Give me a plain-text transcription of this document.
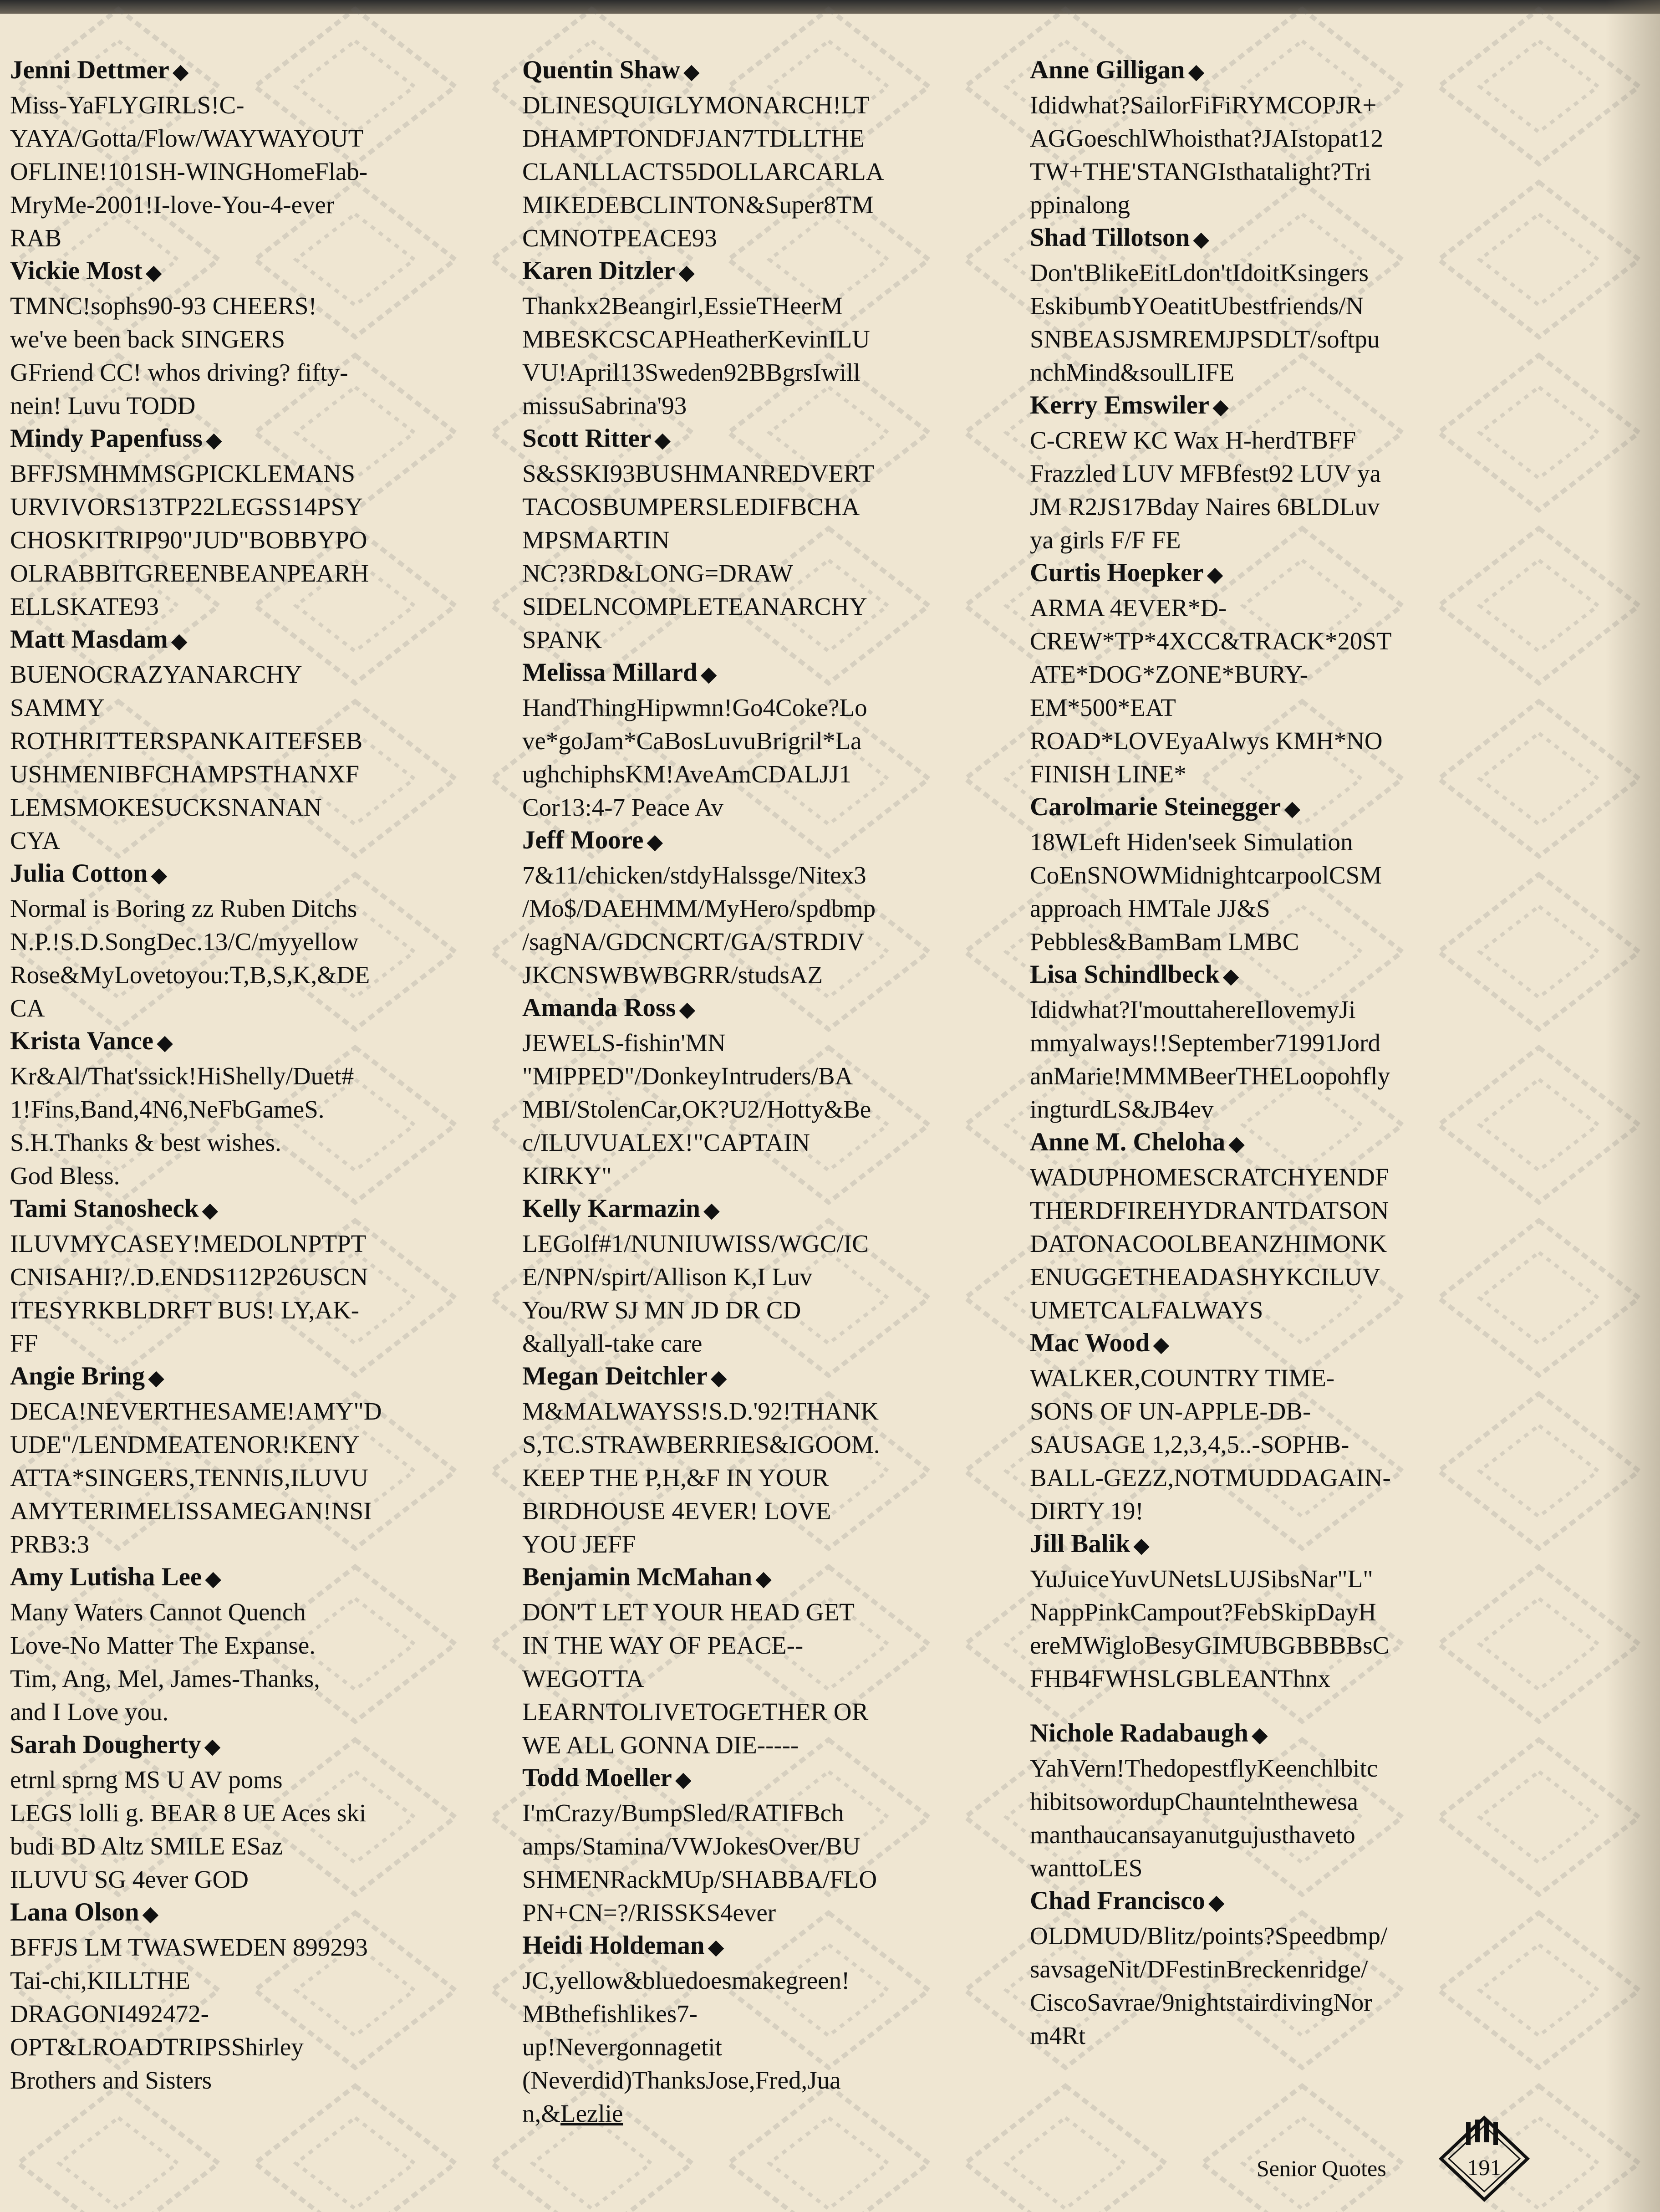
Jenni Dettmer ◆
Miss-YaFLYGIRLS!C-
YAYA/Gotta/Flow/WAYWAYOUT
OFLINE!101SH-WINGHomeFlab-
MryMe-2001!I-love-You-4-ever
RAB
Vickie Most ◆
TMNC!sophs90-93 CHEERS!
we've been back SINGERS
GFriend CC! whos driving? fifty-
nein! Luvu TODD
Mindy Papenfuss ◆
BFFJSMHMMSGPICKLEMANS
URVIVORS13TP22LEGSS14PSY
CHOSKITRIP90"JUD"BOBBYPO
OLRABBITGREENBEANPEARH
ELLSKATE93
Matt Masdam ◆
BUENOCRAZYANARCHY
SAMMY
ROTHRITTERSPANKAITEFSEB
USHMENIBFCHAMPSTHANXF
LEMSMOKESUCKSNANAN
CYA
Julia Cotton ◆
Normal is Boring zz Ruben Ditchs
N.P.!S.D.SongDec.13/C/myyellow
Rose&MyLovetoyou:T,B,S,K,&DE
CA
Krista Vance ◆
Kr&Al/That'ssick!HiShelly/Duet#
1!Fins,Band,4N6,NeFbGameS.
S.H.Thanks & best wishes.
God Bless.
Tami Stanosheck ◆
ILUVMYCASEY!MEDOLNPTPT
CNISAHI?/.D.ENDS112P26USCN
ITESYRKBLDRFT BUS! LY,AK-
FF
Angie Bring ◆
DECA!NEVERTHESAME!AMY"D
UDE"/LENDMEATENOR!KENY
ATTA*SINGERS,TENNIS,ILUVU
AMYTERIMELISSAMEGAN!NSI
PRB3:3
Amy Lutisha Lee ◆
Many Waters Cannot Quench
Love-No Matter The Expanse.
Tim, Ang, Mel, James-Thanks,
and I Love you.
Sarah Dougherty ◆
etrnl sprng MS U AV poms
LEGS lolli g. BEAR 8 UE Aces ski
budi BD Altz SMILE ESaz
ILUVU SG 4ever GOD
Lana Olson ◆
BFFJS LM TWASWEDEN 899293
Tai-chi,KILLTHE
DRAGONI492472-
OPT&LROADTRIPSShirley
Brothers and Sisters
Quentin Shaw ◆
DLINESQUIGLYMONARCH!LT
DHAMPTONDFJAN7TDLLTHE
CLANLLACTS5DOLLARCARLA
MIKEDEBCLINTON&Super8TM
CMNOTPEACE93
Karen Ditzler ◆
Thankx2Beangirl,EssieTHeerM
MBESKCSCAPHeatherKevinILU
VU!April13Sweden92BBgrsIwill
missuSabrina'93
Scott Ritter ◆
S&SSKI93BUSHMANREDVERT
TACOSBUMPERSLEDIFBCHA
MPSMARTIN
NC?3RD&LONG=DRAW
SIDELNCOMPLETEANARCHY
SPANK
Melissa Millard ◆
HandThingHipwmn!Go4Coke?Lo
ve*goJam*CaBosLuvuBrigril*La
ughchiphsKM!AveAmCDALJJ1
Cor13:4-7 Peace Av
Jeff Moore ◆
7&11/chicken/stdyHalssge/Nitex3
/Mo$/DAEHMM/MyHero/spdbmp
/sagNA/GDCNCRT/GA/STRDIV
JKCNSWBWBGRR/studsAZ
Amanda Ross ◆
JEWELS-fishin'MN
"MIPPED"/DonkeyIntruders/BA
MBI/StolenCar,OK?U2/Hotty&Be
c/ILUVUALEX!"CAPTAIN
KIRKY"
Kelly Karmazin ◆
LEGolf#1/NUNIUWISS/WGC/IC
E/NPN/spirt/Allison K,I Luv
You/RW SJ MN JD DR CD
&allyall-take care
Megan Deitchler ◆
M&MALWAYSS!S.D.'92!THANK
S,TC.STRAWBERRIES&IGOOM.
KEEP THE P,H,&F IN YOUR
BIRDHOUSE 4EVER! LOVE
YOU JEFF
Benjamin McMahan ◆
DON'T LET YOUR HEAD GET
IN THE WAY OF PEACE--
WEGOTTA
LEARNTOLIVETOGETHER OR
WE ALL GONNA DIE-----
Todd Moeller ◆
I'mCrazy/BumpSled/RATIFBch
amps/Stamina/VWJokesOver/BU
SHMENRackMUp/SHABBA/FLO
PN+CN=?/RISSKS4ever
Heidi Holdeman ◆
JC,yellow&bluedoesmakegreen!
MBthefishlikes7-
up!Nevergonnagetit
(Neverdid)ThanksJose,Fred,Jua
n,&Lezlie
Anne Gilligan ◆
Ididwhat?SailorFiFiRYMCOPJR+
AGGoeschlWhoisthat?JAIstopat12
TW+THE'STANGIsthatalight?Tri
ppinalong
Shad Tillotson ◆
Don'tBlikeEitLdon'tIdoitKsingers
EskibumbYOeatitUbestfriends/N
SNBEASJSMREMJPSDLT/softpu
nchMind&soulLIFE
Kerry Emswiler ◆
C-CREW KC Wax H-herdTBFF
Frazzled LUV MFBfest92 LUV ya
JM R2JS17Bday Naires 6BLDLuv
ya girls F/F FE
Curtis Hoepker ◆
ARMA 4EVER*D-
CREW*TP*4XCC&TRACK*20ST
ATE*DOG*ZONE*BURY-
EM*500*EAT
ROAD*LOVEyaAlwys KMH*NO
FINISH LINE*
Carolmarie Steinegger ◆
18WLeft Hiden'seek Simulation
CoEnSNOWMidnightcarpoolCSM
approach HMTale JJ&S
Pebbles&BamBam LMBC
Lisa Schindlbeck ◆
Ididwhat?I'mouttahereIlovemyJi
mmyalways!!September71991Jord
anMarie!MMMBeerTHELoopohfly
ingturdLS&JB4ev
Anne M. Cheloha ◆
WADUPHOMESCRATCHYENDF
THERDFIREHYDRANTDATSON
DATONACOOLBEANZHIMONK
ENUGGETHEADASHYKCILUV
UMETCALFALWAYS
Mac Wood ◆
WALKER,COUNTRY TIME-
SONS OF UN-APPLE-DB-
SAUSAGE 1,2,3,4,5..-SOPHB-
BALL-GEZZ,NOTMUDDAGAIN-
DIRTY 19!
Jill Balik ◆
YuJuiceYuvUNetsLUJSibsNar"L"
NappPinkCampout?FebSkipDayH
ereMWigloBesyGIMUBGBBBBsC
FHB4FWHSLGBLEANThnx
Nichole Radabaugh ◆
YahVern!ThedopestflyKeenchlbitc
hibitsowordupChauntelnthewesa
manthaucansayanutgujusthaveto
wanttoLES
Chad Francisco ◆
OLDMUD/Blitz/points?Speedbmp/
savsageNit/DFestinBreckenridge/
CiscoSavrae/9nightstairdivingNor
m4Rt
Senior Quotes	191
